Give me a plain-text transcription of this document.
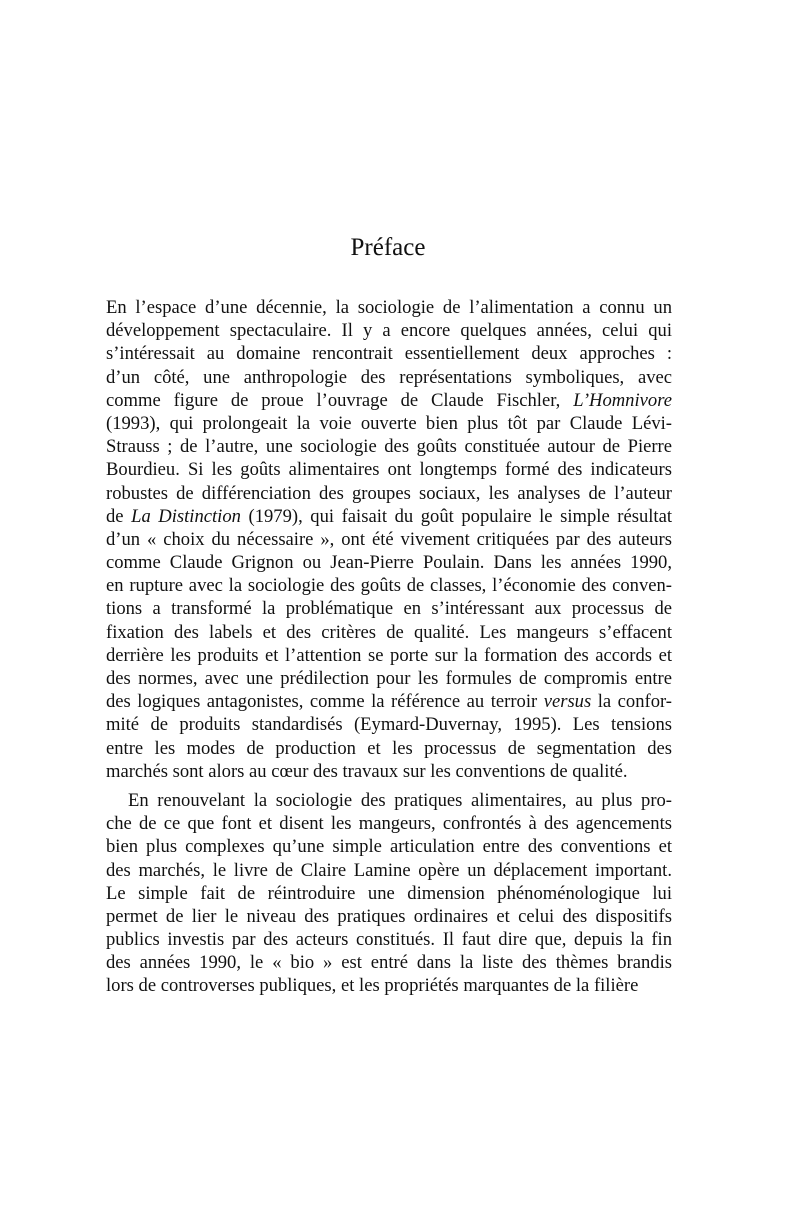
Préface
En l’espace d’une décennie, la sociologie de l’alimentation a connu un
développement spectaculaire. Il y a encore quelques années, celui qui
s’intéressait au domaine rencontrait essentiellement deux approches :
d’un côté, une anthropologie des représentations symboliques, avec
comme figure de proue l’ouvrage de Claude Fischler, L’Homnivore
(1993), qui prolongeait la voie ouverte bien plus tôt par Claude Lévi-
Strauss ; de l’autre, une sociologie des goûts constituée autour de Pierre
Bourdieu. Si les goûts alimentaires ont longtemps formé des indicateurs
robustes de différenciation des groupes sociaux, les analyses de l’auteur
de La Distinction (1979), qui faisait du goût populaire le simple résultat
d’un « choix du nécessaire », ont été vivement critiquées par des auteurs
comme Claude Grignon ou Jean-Pierre Poulain. Dans les années 1990,
en rupture avec la sociologie des goûts de classes, l’économie des conven-
tions a transformé la problématique en s’intéressant aux processus de
fixation des labels et des critères de qualité. Les mangeurs s’effacent
derrière les produits et l’attention se porte sur la formation des accords et
des normes, avec une prédilection pour les formules de compromis entre
des logiques antagonistes, comme la référence au terroir versus la confor-
mité de produits standardisés (Eymard-Duvernay, 1995). Les tensions
entre les modes de production et les processus de segmentation des
marchés sont alors au cœur des travaux sur les conventions de qualité.
En renouvelant la sociologie des pratiques alimentaires, au plus pro-
che de ce que font et disent les mangeurs, confrontés à des agencements
bien plus complexes qu’une simple articulation entre des conventions et
des marchés, le livre de Claire Lamine opère un déplacement important.
Le simple fait de réintroduire une dimension phénoménologique lui
permet de lier le niveau des pratiques ordinaires et celui des dispositifs
publics investis par des acteurs constitués. Il faut dire que, depuis la fin
des années 1990, le « bio » est entré dans la liste des thèmes brandis
lors de controverses publiques, et les propriétés marquantes de la filière
